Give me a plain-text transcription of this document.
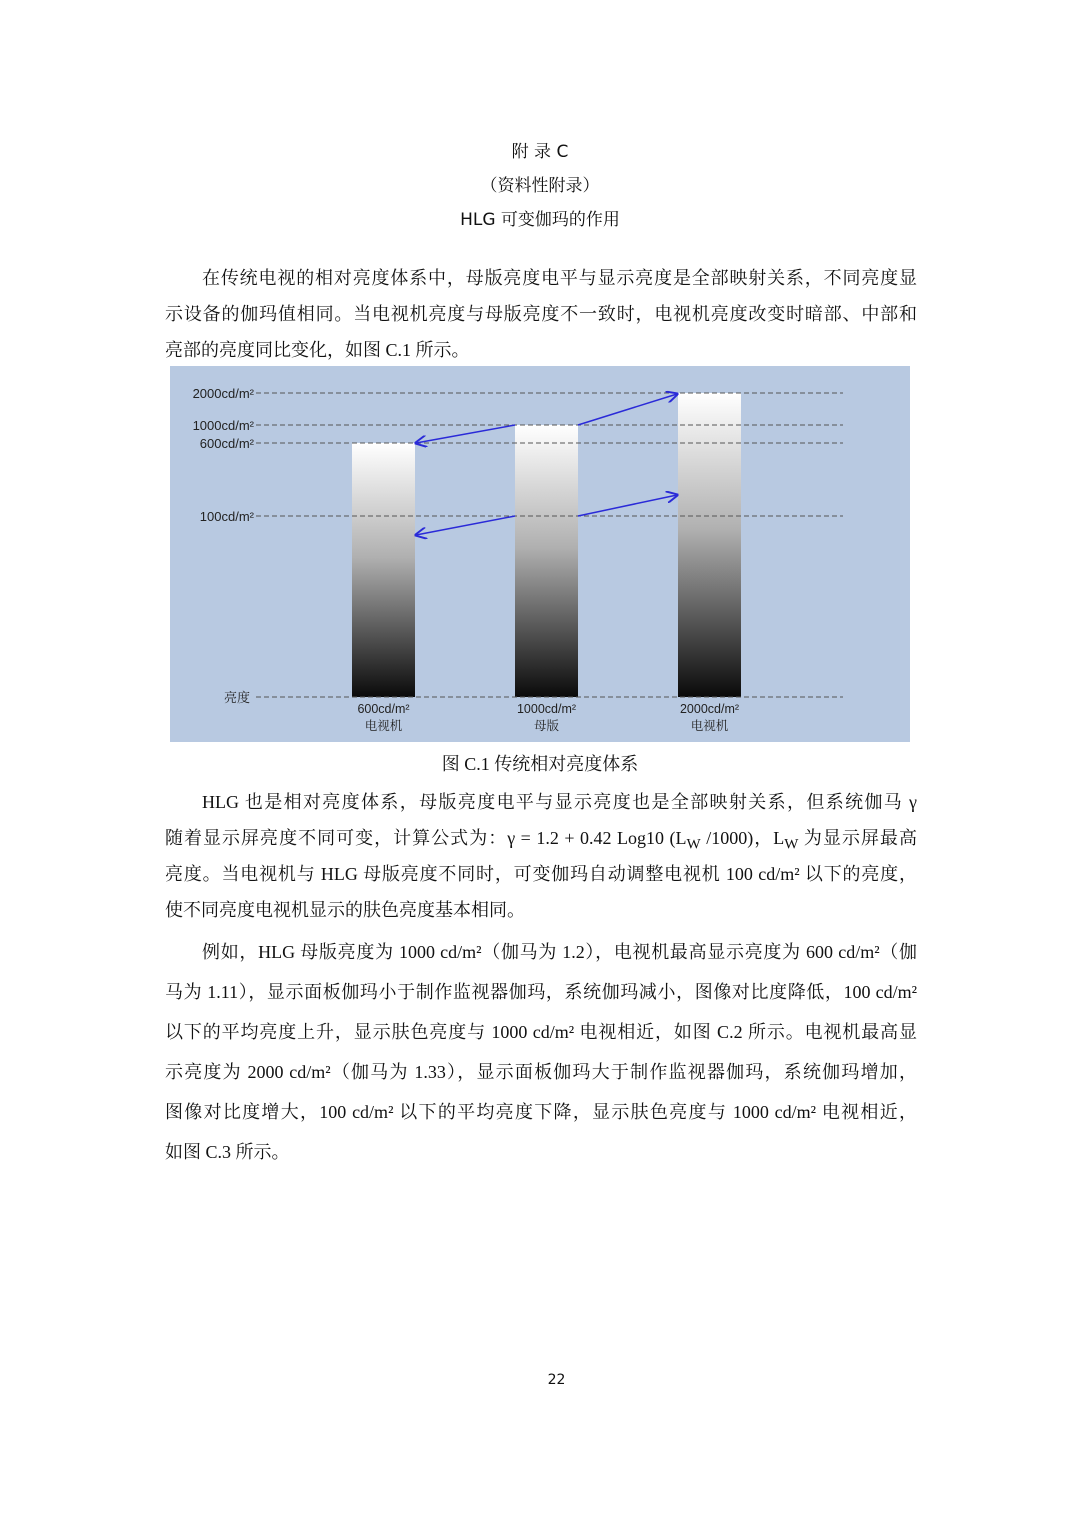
附 录 C
（资料性附录）
HLG 可变伽玛的作用
在传统电视的相对亮度体系中，母版亮度电平与显示亮度是全部映射关系，不同亮度显
示设备的伽玛值相同。当电视机亮度与母版亮度不一致时，电视机亮度改变时暗部、中部和
亮部的亮度同比变化，如图 C.1 所示。
2000cd/m²
1000cd/m²
600cd/m²
100cd/m²
亮度
600cd/m²
电视机
1000cd/m²
母版
2000cd/m²
电视机
图 C.1 传统相对亮度体系
HLG 也是相对亮度体系，母版亮度电平与显示亮度也是全部映射关系，但系统伽马 γ
随着显示屏亮度不同可变，计算公式为：γ = 1.2 + 0.42 Log10 ($L_W$ /1000)，$L_W$ 为显示屏最高
亮度。当电视机与 HLG 母版亮度不同时，可变伽玛自动调整电视机 100 cd/m² 以下的亮度，
使不同亮度电视机显示的肤色亮度基本相同。
例如，HLG 母版亮度为 1000 cd/m²（伽马为 1.2），电视机最高显示亮度为 600 cd/m²（伽
马为 1.11），显示面板伽玛小于制作监视器伽玛，系统伽玛减小，图像对比度降低，100 cd/m²
以下的平均亮度上升，显示肤色亮度与 1000 cd/m² 电视相近，如图 C.2 所示。电视机最高显
示亮度为 2000 cd/m²（伽马为 1.33），显示面板伽玛大于制作监视器伽玛，系统伽玛增加，
图像对比度增大，100 cd/m² 以下的平均亮度下降，显示肤色亮度与 1000 cd/m² 电视相近，
如图 C.3 所示。
22
